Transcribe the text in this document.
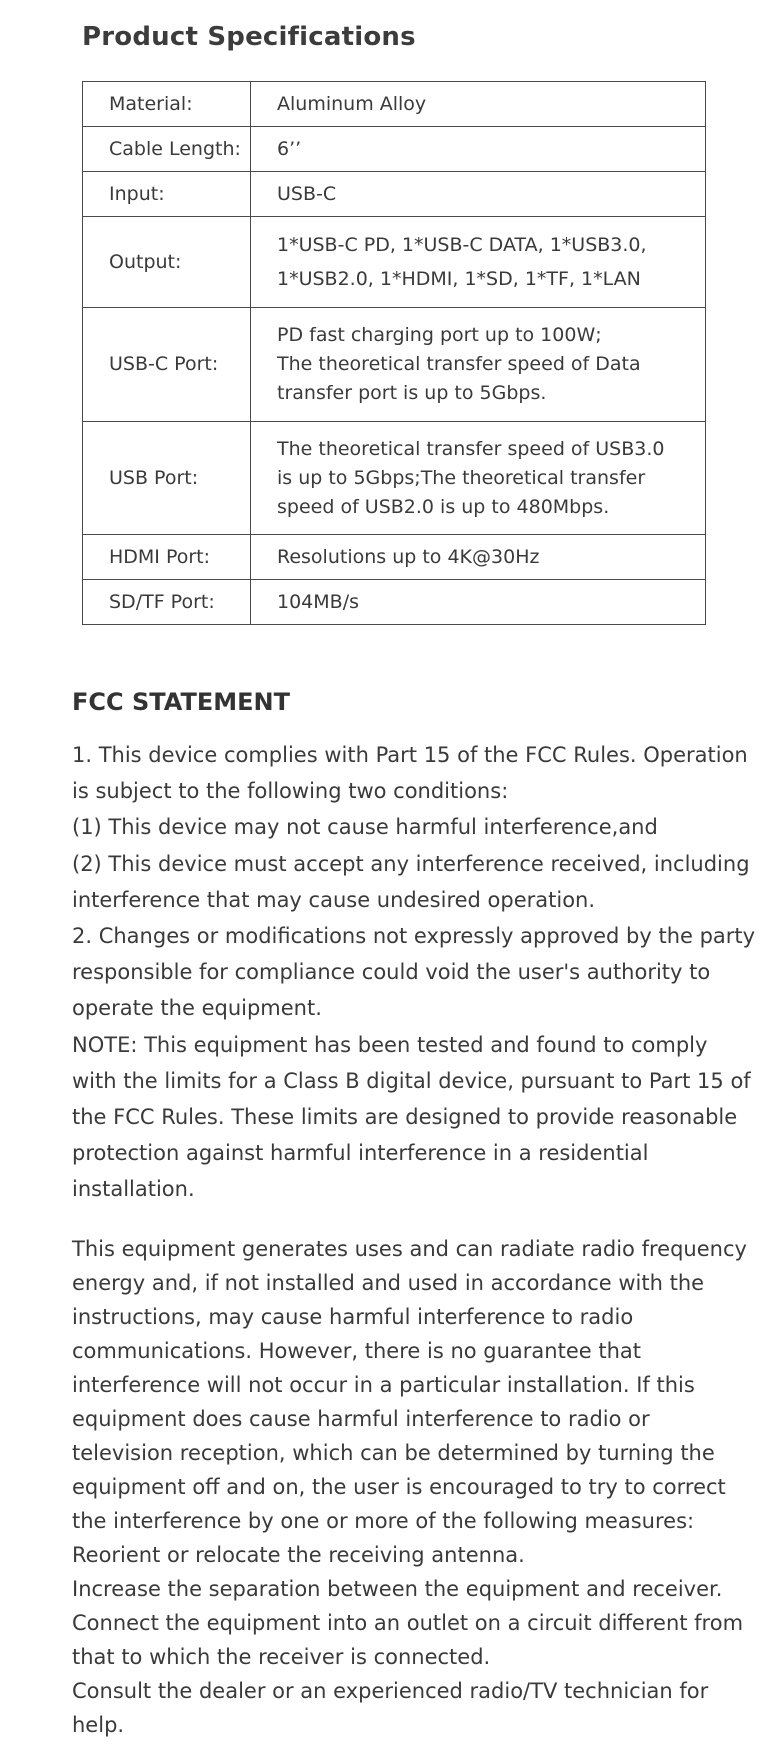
Product Specifications
Material:	Aluminum Alloy

Cable Length:	6’’

Input:	USB-C

Output:	1*USB-C PD, 1*USB-C DATA, 1*USB3.0,
1*USB2.0, 1*HDMI, 1*SD, 1*TF, 1*LAN

USB-C Port:	PD fast charging port up to 100W;
The theoretical transfer speed of Data
transfer port is up to 5Gbps.

USB Port:	The theoretical transfer speed of USB3.0
is up to 5Gbps;The theoretical transfer
speed of USB2.0 is up to 480Mbps.

HDMI Port:	Resolutions up to 4K@30Hz

SD/TF Port:	104MB/s
FCC STATEMENT

1. This device complies with Part 15 of the FCC Rules. Operation

is subject to the following two conditions:

(1) This device may not cause harmful interference,and

(2) This device must accept any interference received, including

interference that may cause undesired operation.

2. Changes or modifications not expressly approved by the party

responsible for compliance could void the user's authority to

operate the equipment.

NOTE: This equipment has been tested and found to comply

with the limits for a Class B digital device, pursuant to Part 15 of

the FCC Rules. These limits are designed to provide reasonable

protection against harmful interference in a residential

installation.

This equipment generates uses and can radiate radio frequency

energy and, if not installed and used in accordance with the

instructions, may cause harmful interference to radio

communications. However, there is no guarantee that

interference will not occur in a particular installation. If this

equipment does cause harmful interference to radio or

television reception, which can be determined by turning the

equipment off and on, the user is encouraged to try to correct

the interference by one or more of the following measures:

Reorient or relocate the receiving antenna.

Increase the separation between the equipment and receiver.

Connect the equipment into an outlet on a circuit different from

that to which the receiver is connected.

Consult the dealer or an experienced radio/TV technician for

help.
